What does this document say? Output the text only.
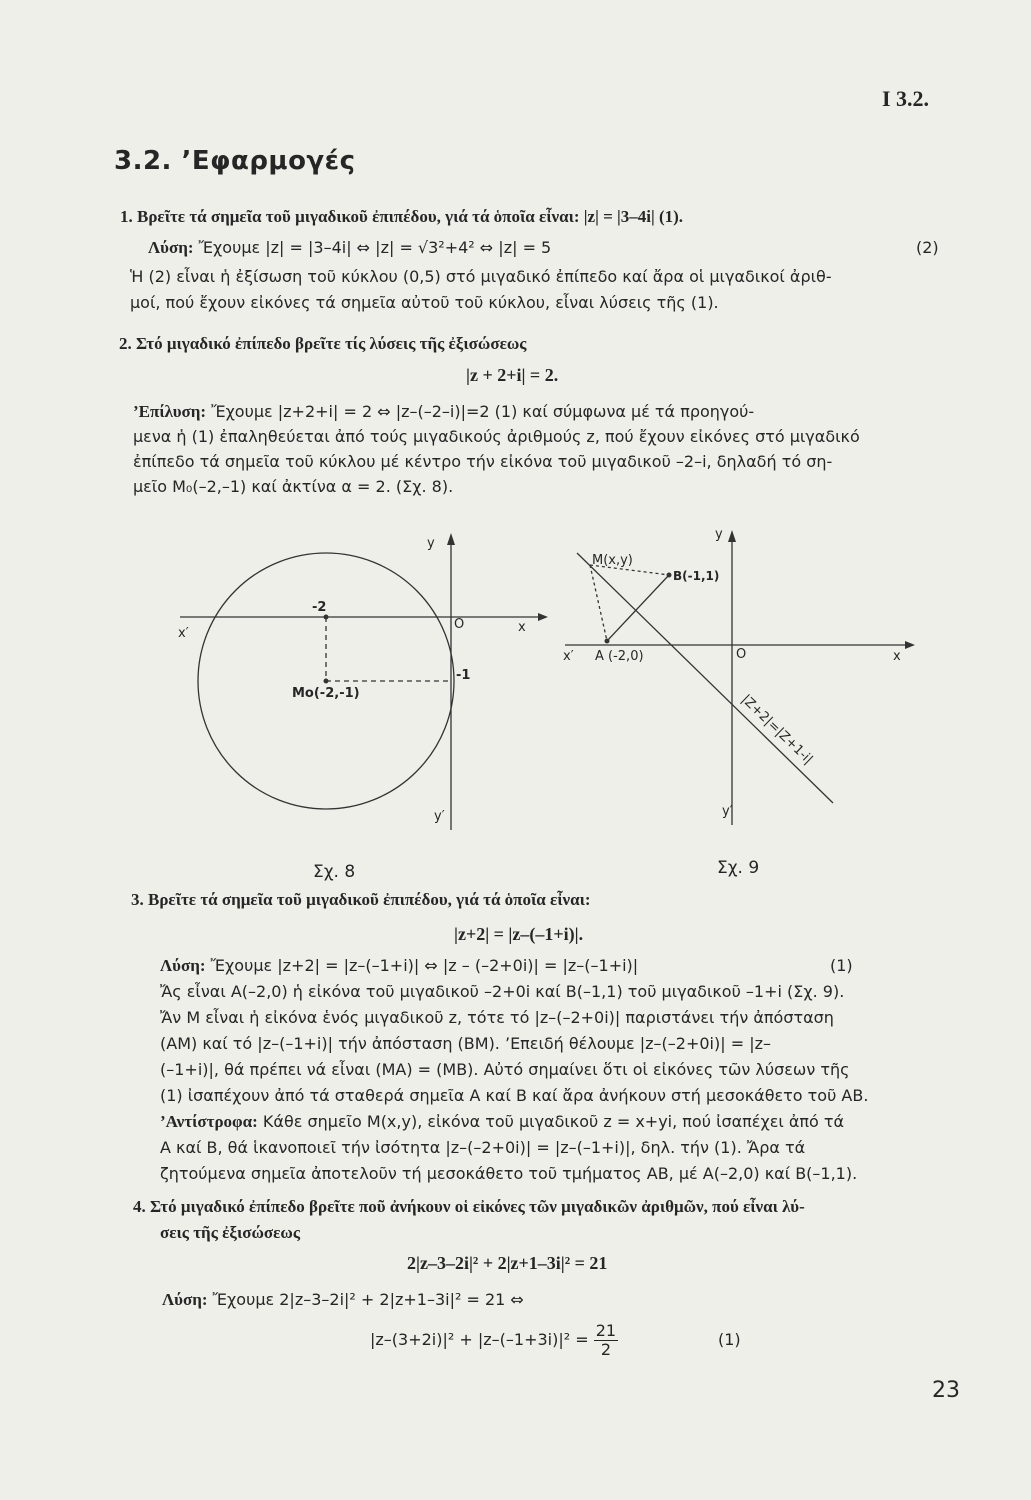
I 3.2.
3.2. ’Εφαρμογές
1. Βρεῖτε τά σημεῖα τοῦ μιγαδικοῦ ἐπιπέδου, γιά τά ὁποῖα εἶναι: |z| = |3–4i| (1).
Λύση: Ἔχουμε |z| = |3–4i| ⇔ |z| = √3²+4² ⇔ |z| = 5	(2)
Ἡ (2) εἶναι ἡ ἐξίσωση τοῦ κύκλου (0,5) στό μιγαδικό ἐπίπεδο καί ἄρα οἱ μιγαδικοί ἀριθ-
μοί, πού ἔχουν εἰκόνες τά σημεῖα αὐτοῦ τοῦ κύκλου, εἶναι λύσεις τῆς (1).
2. Στό μιγαδικό ἐπίπεδο βρεῖτε τίς λύσεις τῆς ἐξισώσεως
|z + 2+i| = 2.
’Επίλυση: Ἔχουμε |z+2+i| = 2 ⇔ |z–(–2–i)|=2 (1) καί σύμφωνα μέ τά προηγού-
μενα ἡ (1) ἐπαληθεύεται ἀπό τούς μιγαδικούς ἀριθμούς z, πού ἔχουν εἰκόνες στό μιγαδικό
ἐπίπεδο τά σημεῖα τοῦ κύκλου μέ κέντρο τήν εἰκόνα τοῦ μιγαδικοῦ –2–i, δηλαδή τό ση-
μεῖο M₀(–2,–1) καί ἀκτίνα α = 2. (Σχ. 8).
y
x′
O	x
y′
-2
-1
Mo(-2,-1)
Σχ. 8
y
x′	O	x
y′
M(x,y)
B(-1,1)
A (-2,0)
|Z+2|=|Z+1-i|
Σχ. 9
3. Βρεῖτε τά σημεῖα τοῦ μιγαδικοῦ ἐπιπέδου, γιά τά ὁποῖα εἶναι:
|z+2| = |z–(–1+i)|.
Λύση: Ἔχουμε |z+2| = |z–(–1+i)| ⇔ |z – (–2+0i)| = |z–(–1+i)|	(1)
Ἄς εἶναι A(–2,0) ἡ εἰκόνα τοῦ μιγαδικοῦ –2+0i καί B(–1,1) τοῦ μιγαδικοῦ –1+i (Σχ. 9).
Ἄν M εἶναι ἡ εἰκόνα ἑνός μιγαδικοῦ z, τότε τό |z–(–2+0i)| παριστάνει τήν ἀπόσταση
(AM) καί τό |z–(–1+i)| τήν ἀπόσταση (BM). ’Επειδή θέλουμε |z–(–2+0i)| = |z–
(–1+i)|, θά πρέπει νά εἶναι (MA) = (MB). Αὐτό σημαίνει ὅτι οἱ εἰκόνες τῶν λύσεων τῆς
(1) ἰσαπέχουν ἀπό τά σταθερά σημεῖα A καί B καί ἄρα ἀνήκουν στή μεσοκάθετο τοῦ AB.
’Αντίστροφα: Κάθε σημεῖο M(x,y), εἰκόνα τοῦ μιγαδικοῦ z = x+yi, πού ἰσαπέχει ἀπό τά
A καί B, θά ἱκανοποιεῖ τήν ἰσότητα |z–(–2+0i)| = |z–(–1+i)|, δηλ. τήν (1). Ἄρα τά
ζητούμενα σημεῖα ἀποτελοῦν τή μεσοκάθετο τοῦ τμήματος AB, μέ A(–2,0) καί B(–1,1).
4. Στό μιγαδικό ἐπίπεδο βρεῖτε ποῦ ἀνήκουν οἱ εἰκόνες τῶν μιγαδικῶν ἀριθμῶν, πού εἶναι λύ-
σεις τῆς ἐξισώσεως
2|z–3–2i|² + 2|z+1–3i|² = 21
Λύση: Ἔχουμε 2|z–3–2i|² + 2|z+1–3i|² = 21 ⇔
$|z-(3+2i)|^2 + |z-(-1+3i)|^2 = \frac{21}{2}$	(1)
23
